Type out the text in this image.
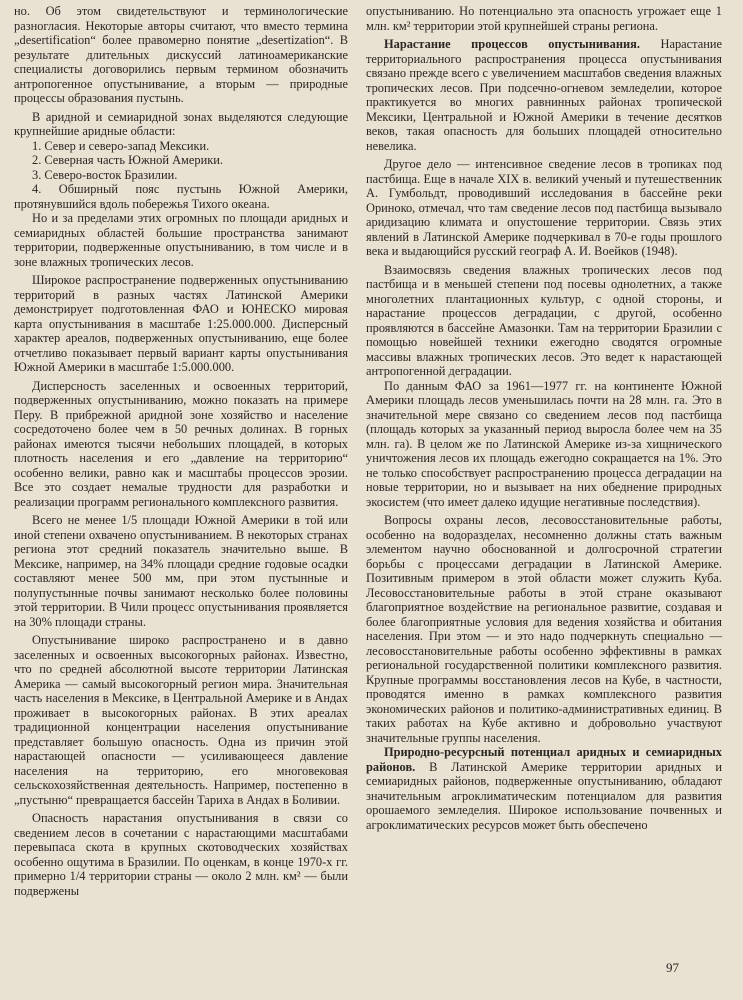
но. Об этом свидетельствуют и терминологические разногласия. Некоторые авторы считают, что вместо термина „desertification“ более правомерно понятие „desertization“. В результате длительных дискуссий латиноамериканские специалисты договорились первым термином обозначить антропогенное опустынивание, а вторым — природные процессы образования пустынь.

В аридной и семиаридной зонах выделяются следующие крупнейшие аридные области:

1. Север и северо-запад Мексики.
2. Северная часть Южной Америки.
3. Северо-восток Бразилии.
4. Обширный пояс пустынь Южной Америки, протянувшийся вдоль побережья Тихого океана.

Но и за пределами этих огромных по площади аридных и семиаридных областей большие пространства занимают территории, подверженные опустыниванию, в том числе и в зоне влажных тропических лесов.

Широкое распространение подверженных опустыниванию территорий в разных частях Латинской Америки демонстрирует подготовленная ФАО и ЮНЕСКО мировая карта опустынивания в масштабе 1:25.000.000. Дисперсный характер ареалов, подверженных опустыниванию, еще более отчетливо показывает первый вариант карты опустынивания Южной Америки в масштабе 1:5.000.000.

Дисперсность заселенных и освоенных территорий, подверженных опустыниванию, можно показать на примере Перу. В прибрежной аридной зоне хозяйство и население сосредоточено более чем в 50 речных долинах. В горных районах имеются тысячи небольших площадей, в которых плотность населения и его „давление на территорию“ особенно велики, равно как и масштабы процессов эрозии. Все это создает немалые трудности для разработки и реализации программ регионального комплексного развития.

Всего не менее 1/5 площади Южной Америки в той или иной степени охвачено опустыниванием. В некоторых странах региона этот средний показатель значительно выше. В Мексике, например, на 34% площади средние годовые осадки составляют менее 500 мм, при этом пустынные и полупустынные почвы занимают несколько более половины этой территории. В Чили процесс опустынивания проявляется на 30% площади страны.

Опустынивание широко распространено и в давно заселенных и освоенных высокогорных районах. Известно, что по средней абсолютной высоте территории Латинская Америка — самый высокогорный регион мира. Значительная часть населения в Мексике, в Центральной Америке и в Андах проживает в высокогорных районах. В этих ареалах традиционной концентрации населения опустынивание представляет большую опасность. Одна из причин этой нарастающей опасности — усиливающееся давление населения на территорию, его многовековая сельскохозяйственная деятельность. Например, постепенно в „пустыню“ превращается бассейн Тариха в Андах в Боливии.

Опасность нарастания опустынивания в связи со сведением лесов в сочетании с нарастающими масштабами перевыпаса скота в крупных скотоводческих хозяйствах особенно ощутима в Бразилии. По оценкам, в конце 1970-х гг. примерно 1/4 территории страны — около 2 млн. км² — были подвержены

опустыниванию. Но потенциально эта опасность угрожает еще 1 млн. км² территории этой крупнейшей страны региона.

Нарастание процессов опустынивания. Нарастание территориального распространения процесса опустынивания связано прежде всего с увеличением масштабов сведения влажных тропических лесов. При подсечно-огневом земледелии, которое практикуется во многих равнинных районах тропической Мексики, Центральной и Южной Америки в течение десятков веков, такая опасность для больших площадей относительно невелика.

Другое дело — интенсивное сведение лесов в тропиках под пастбища. Еще в начале XIX в. великий ученый и путешественник А. Гумбольдт, проводивший исследования в бассейне реки Ориноко, отмечал, что там сведение лесов под пастбища вызывало аридизацию климата и опустошение территории. Связь этих явлений в Латинской Америке подчеркивал в 70-е годы прошлого века и выдающийся русский географ А. И. Воейков (1948).

Взаимосвязь сведения влажных тропических лесов под пастбища и в меньшей степени под посевы однолетних, а также многолетних плантационных культур, с одной стороны, и нарастание процессов деградации, с другой, особенно проявляются в бассейне Амазонки. Там на территории Бразилии с помощью новейшей техники ежегодно сводятся огромные массивы влажных тропических лесов. Это ведет к нарастающей антропогенной деградации.

По данным ФАО за 1961—1977 гг. на континенте Южной Америки площадь лесов уменьшилась почти на 28 млн. га. Это в значительной мере связано со сведением лесов под пастбища (площадь которых за указанный период выросла более чем на 35 млн. га). В целом же по Латинской Америке из-за хищнического уничтожения лесов их площадь ежегодно сокращается на 1%. Это не только способствует распространению процесса деградации на новые территории, но и вызывает на них обеднение природных экосистем (что имеет далеко идущие негативные последствия).

Вопросы охраны лесов, лесовосстановительные работы, особенно на водоразделах, несомненно должны стать важным элементом научно обоснованной и долгосрочной стратегии борьбы с процессами деградации в Латинской Америке. Позитивным примером в этой области может служить Куба. Лесовосстановительные работы в этой стране оказывают благоприятное воздействие на региональное развитие, создавая и более благоприятные условия для ведения хозяйства и обитания населения. При этом — и это надо подчеркнуть специально — лесовосстановительные работы особенно эффективны в рамках региональной государственной политики комплексного развития. Крупные программы восстановления лесов на Кубе, в частности, проводятся именно в рамках комплексного развития экономических районов и политико-административных единиц. В таких работах на Кубе активно и добровольно участвуют значительные группы населения.

Природно-ресурсный потенциал аридных и семиаридных районов. В Латинской Америке территории аридных и семиаридных районов, подверженные опустыниванию, обладают значительным агроклиматическим потенциалом для развития орошаемого земледелия. Широкое использование почвенных и агроклиматических ресурсов может быть обеспечено

97
